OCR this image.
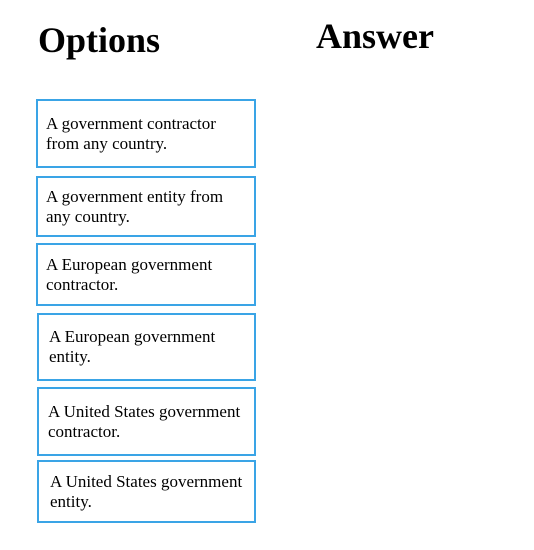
Options	Answer
A government contractor from any country.
A government entity from any country.
A European government contractor.
A European government entity.
A United States government contractor.
A United States government entity.
